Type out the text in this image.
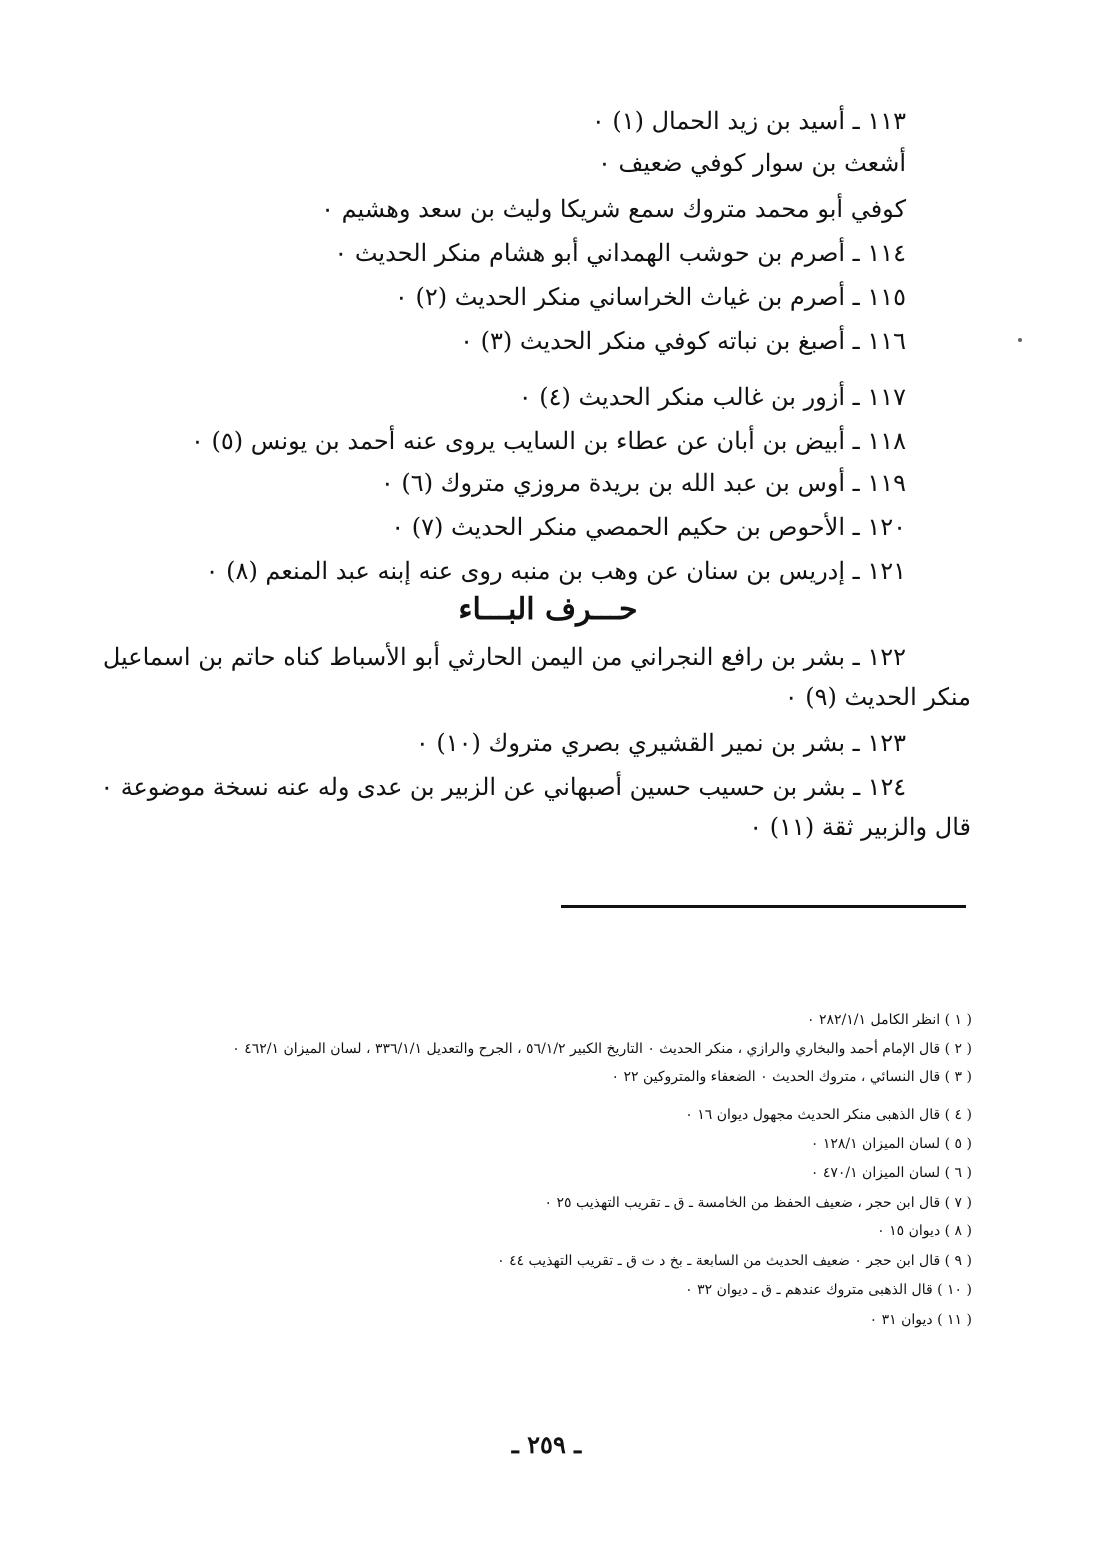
١١٣ ـ أسيد بن زيد الحمال (١) ٠
أشعث بن سوار كوفي ضعيف ٠
كوفي أبو محمد متروك سمع شريكا وليث بن سعد وهشيم ٠
١١٤ ـ أصرم بن حوشب الهمداني أبو هشام منكر الحديث ٠
١١٥ ـ أصرم بن غياث الخراساني منكر الحديث (٢) ٠
١١٦ ـ أصبغ بن نباته كوفي منكر الحديث (٣) ٠
١١٧ ـ أزور بن غالب منكر الحديث (٤) ٠
١١٨ ـ أبيض بن أبان عن عطاء بن السايب يروى عنه أحمد بن يونس (٥) ٠
١١٩ ـ أوس بن عبد الله بن بريدة مروزي متروك (٦) ٠
١٢٠ ـ الأحوص بن حكيم الحمصي منكر الحديث (٧) ٠
١٢١ ـ إدريس بن سنان عن وهب بن منبه روى عنه إبنه عبد المنعم (٨) ٠
حـــرف البـــاء
١٢٢ ـ بشر بن رافع النجراني من اليمن الحارثي أبو الأسباط كناه حاتم بن اسماعيل
منكر الحديث (٩) ٠
١٢٣ ـ بشر بن نمير القشيري بصري متروك (١٠) ٠
١٢٤ ـ بشر بن حسيب حسين أصبهاني عن الزبير بن عدى وله عنه نسخة موضوعة ٠
قال والزبير ثقة (١١) ٠
( ١ ) انظر الكامل ٢٨٢/١/١ ٠
( ٢ ) قال الإمام أحمد والبخاري والرازي ، منكر الحديث ٠ التاريخ الكبير ٥٦/١/٢ ، الجرح والتعديل ٣٣٦/١/١ ، لسان الميزان ٤٦٢/١ ٠
( ٣ ) قال النسائي ، متروك الحديث ٠ الضعفاء والمتروكين ٢٢ ٠
( ٤ ) قال الذهبى منكر الحديث مجهول ديوان ١٦ ٠
( ٥ ) لسان الميزان ١٢٨/١ ٠
( ٦ ) لسان الميزان ٤٧٠/١ ٠
( ٧ ) قال ابن حجر ، ضعيف الحفظ من الخامسة ـ ق ـ تقريب التهذيب ٢٥ ٠
( ٨ ) ديوان ١٥ ٠
( ٩ ) قال ابن حجر ٠ ضعيف الحديث من السابعة ـ بخ د ت ق ـ تقريب التهذيب ٤٤ ٠
( ١٠ ) قال الذهبى متروك عندهم ـ ق ـ ديوان ٣٢ ٠
( ١١ ) ديوان ٣١ ٠
ـ ٢٥٩ ـ
